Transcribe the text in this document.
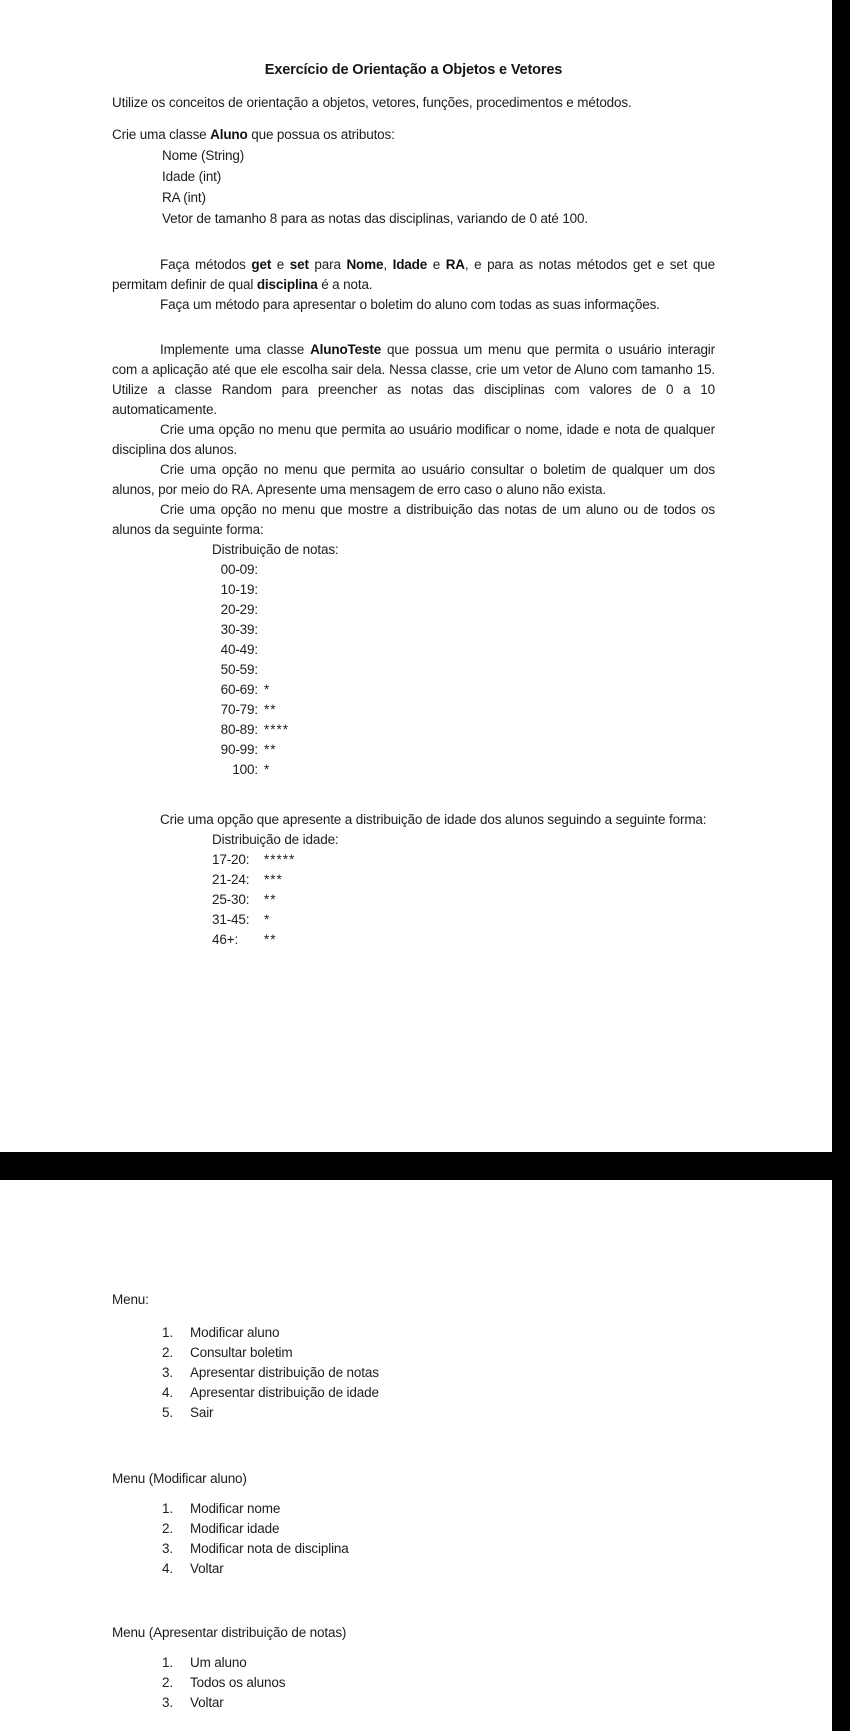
Exercício de Orientação a Objetos e Vetores

Utilize os conceitos de orientação a objetos, vetores, funções, procedimentos e métodos.

Crie uma classe Aluno que possua os atributos:

Nome (String)
Idade (int)
RA (int)
Vetor de tamanho 8 para as notas das disciplinas, variando de 0 até 100.

Faça métodos get e set para Nome, Idade e RA, e para as notas métodos get e set que permitam definir de qual disciplina é a nota.

Faça um método para apresentar o boletim do aluno com todas as suas informações.

Implemente uma classe AlunoTeste que possua um menu que permita o usuário interagir com a aplicação até que ele escolha sair dela. Nessa classe, crie um vetor de Aluno com tamanho 15. Utilize a classe Random para preencher as notas das disciplinas com valores de 0 a 10 automaticamente.

Crie uma opção no menu que permita ao usuário modificar o nome, idade e nota de qualquer disciplina dos alunos.

Crie uma opção no menu que permita ao usuário consultar o boletim de qualquer um dos alunos, por meio do RA. Apresente uma mensagem de erro caso o aluno não exista.

Crie uma opção no menu que mostre a distribuição das notas de um aluno ou de todos os alunos da seguinte forma:

Distribuição de notas:
00-09:
10-19:
20-29:
30-39:
40-49:
50-59:
60-69: *
70-79: **
80-89: ****
90-99: **
100: *

Crie uma opção que apresente a distribuição de idade dos alunos seguindo a seguinte forma:

Distribuição de idade:
17-20: *****
21-24: ***
25-30: **
31-45: *
46+: **
Menu:
1. Modificar aluno
2. Consultar boletim
3. Apresentar distribuição de notas
4. Apresentar distribuição de idade
5. Sair
Menu (Modificar aluno)
1. Modificar nome
2. Modificar idade
3. Modificar nota de disciplina
4. Voltar
Menu (Apresentar distribuição de notas)
1. Um aluno
2. Todos os alunos
3. Voltar
